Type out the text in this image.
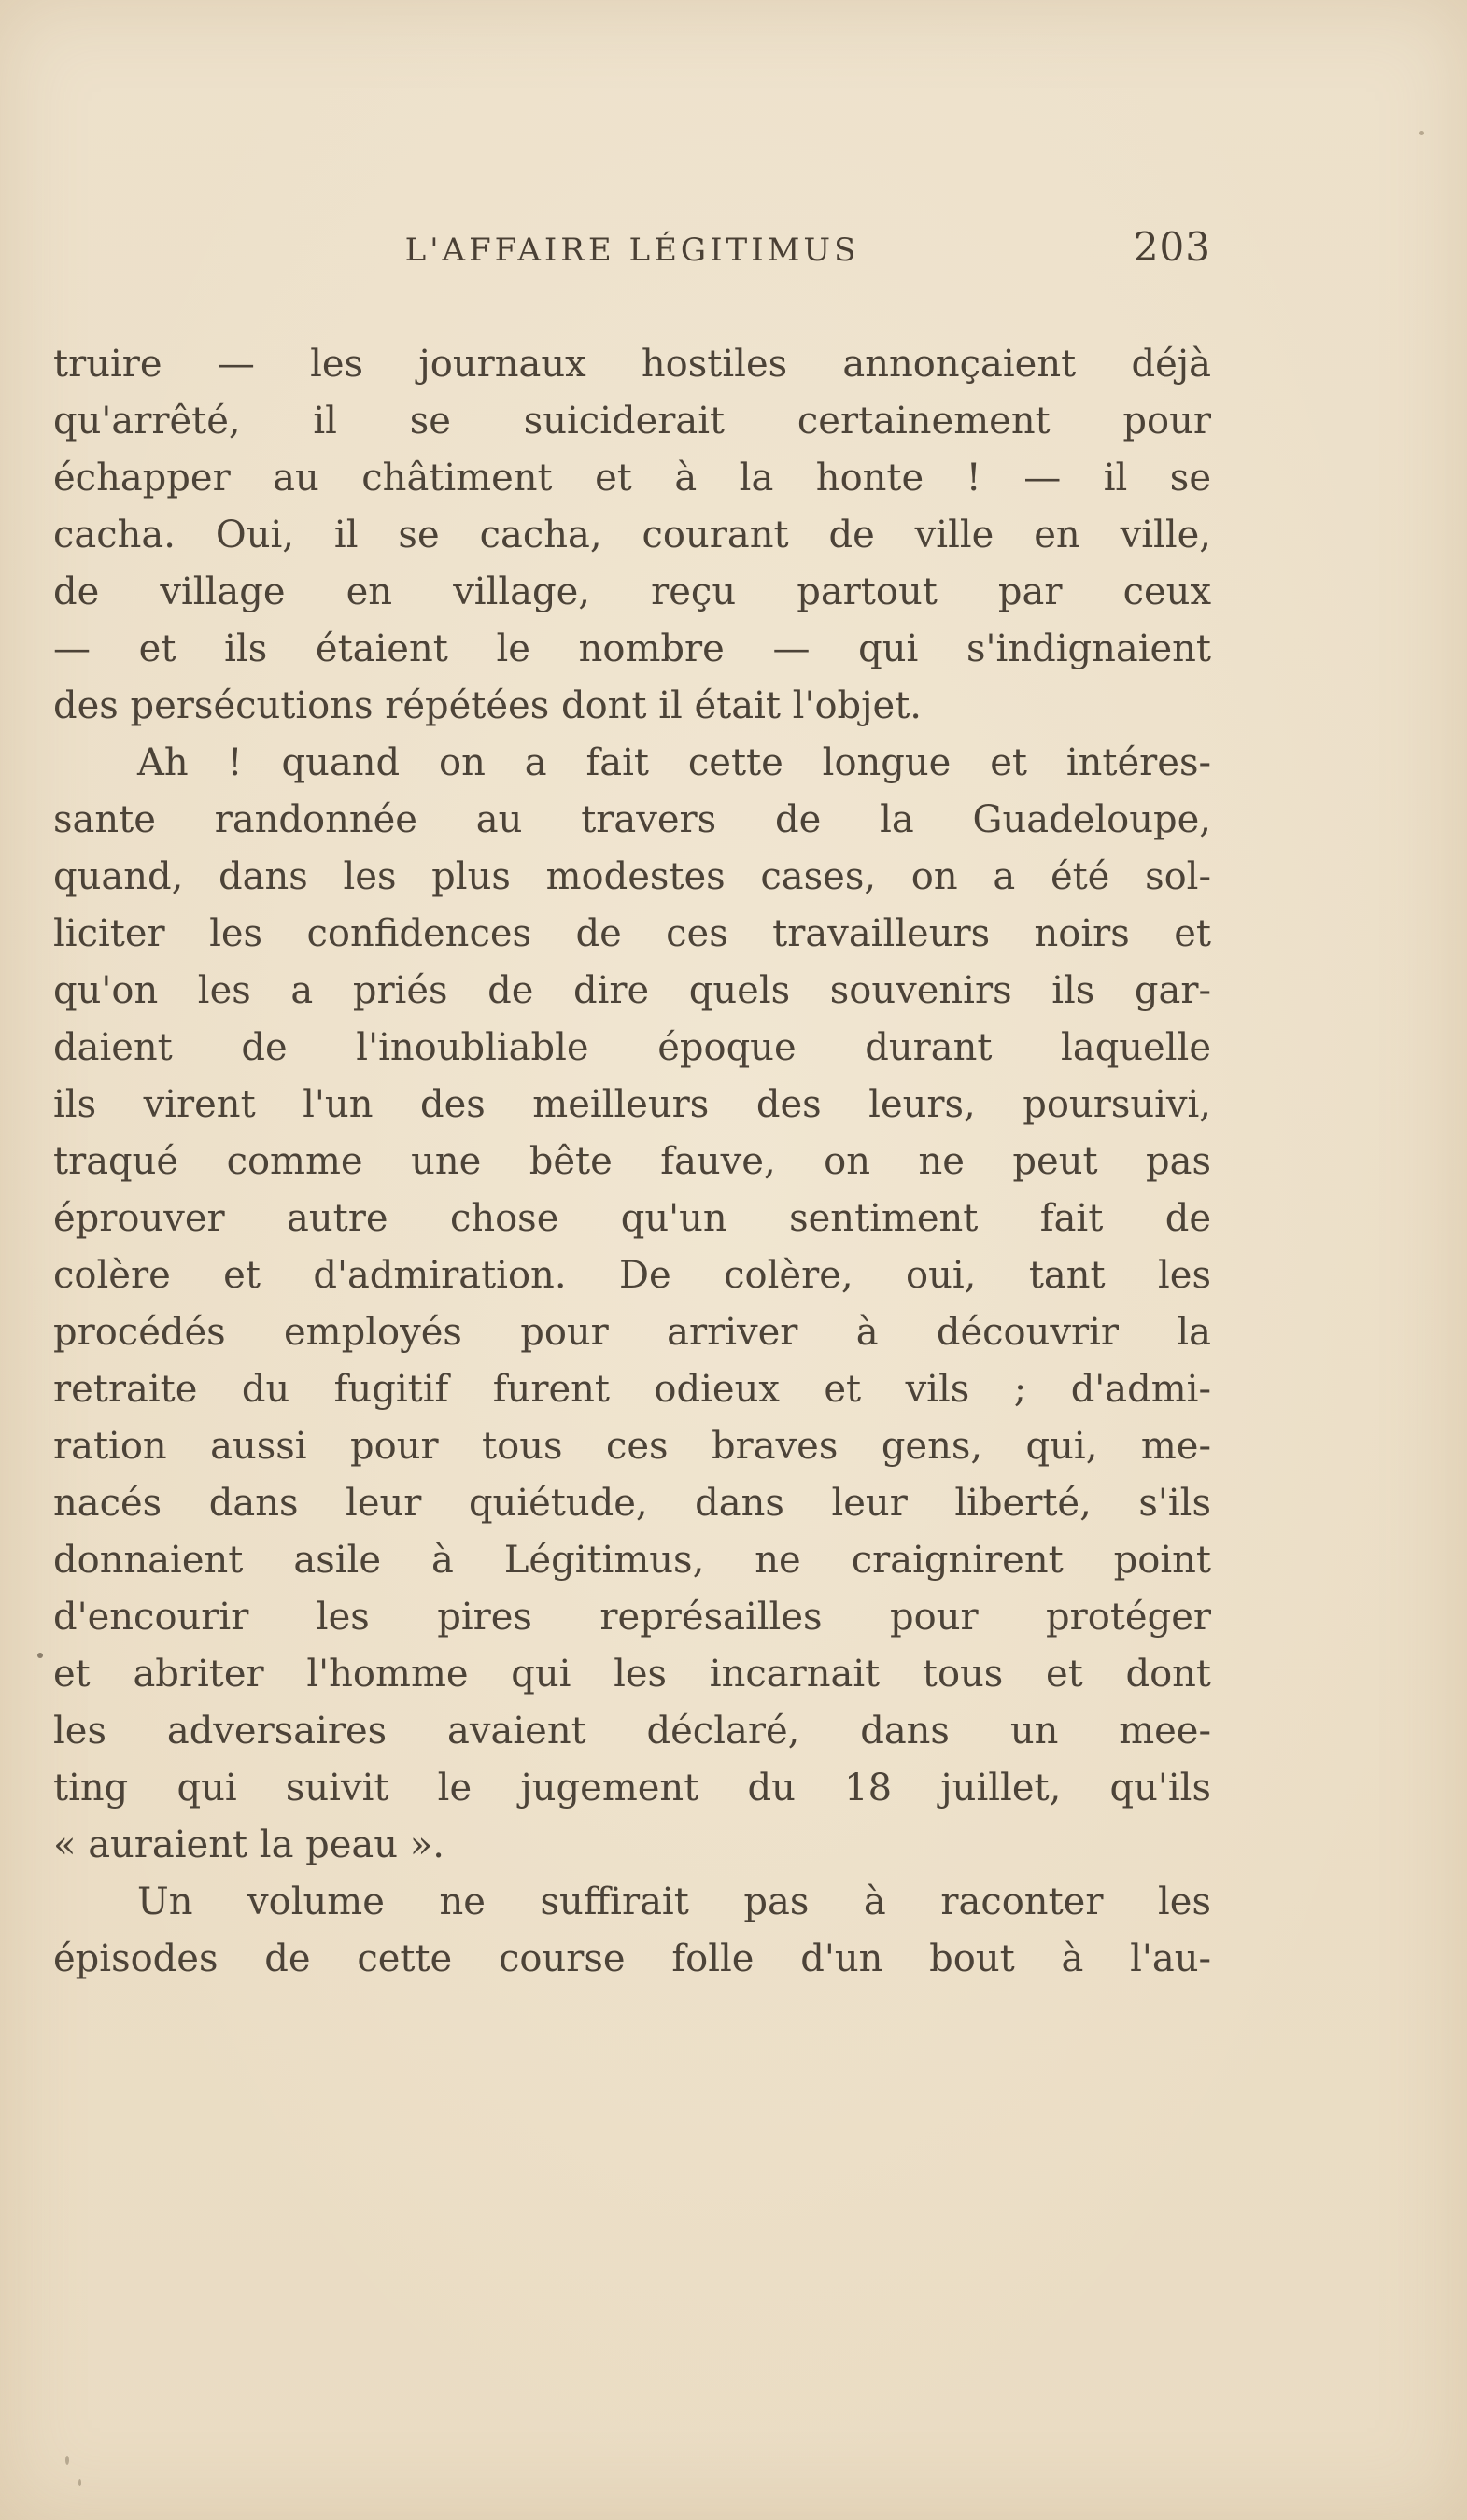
L'AFFAIRE LÉGITIMUS	203
truire — les journaux hostiles annonçaient déjà
qu'arrêté, il se suiciderait certainement pour
échapper au châtiment et à la honte ! — il se
cacha. Oui, il se cacha, courant de ville en ville,
de village en village, reçu partout par ceux
— et ils étaient le nombre — qui s'indignaient
des persécutions répétées dont il était l'objet.
Ah ! quand on a fait cette longue et intéres-
sante randonnée au travers de la Guadeloupe,
quand, dans les plus modestes cases, on a été sol-
liciter les confidences de ces travailleurs noirs et
qu'on les a priés de dire quels souvenirs ils gar-
daient de l'inoubliable époque durant laquelle
ils virent l'un des meilleurs des leurs, poursuivi,
traqué comme une bête fauve, on ne peut pas
éprouver autre chose qu'un sentiment fait de
colère et d'admiration. De colère, oui, tant les
procédés employés pour arriver à découvrir la
retraite du fugitif furent odieux et vils ; d'admi-
ration aussi pour tous ces braves gens, qui, me-
nacés dans leur quiétude, dans leur liberté, s'ils
donnaient asile à Légitimus, ne craignirent point
d'encourir les pires représailles pour protéger
et abriter l'homme qui les incarnait tous et dont
les adversaires avaient déclaré, dans un mee-
ting qui suivit le jugement du 18 juillet, qu'ils
« auraient la peau ».
Un volume ne suffirait pas à raconter les
épisodes de cette course folle d'un bout à l'au-
